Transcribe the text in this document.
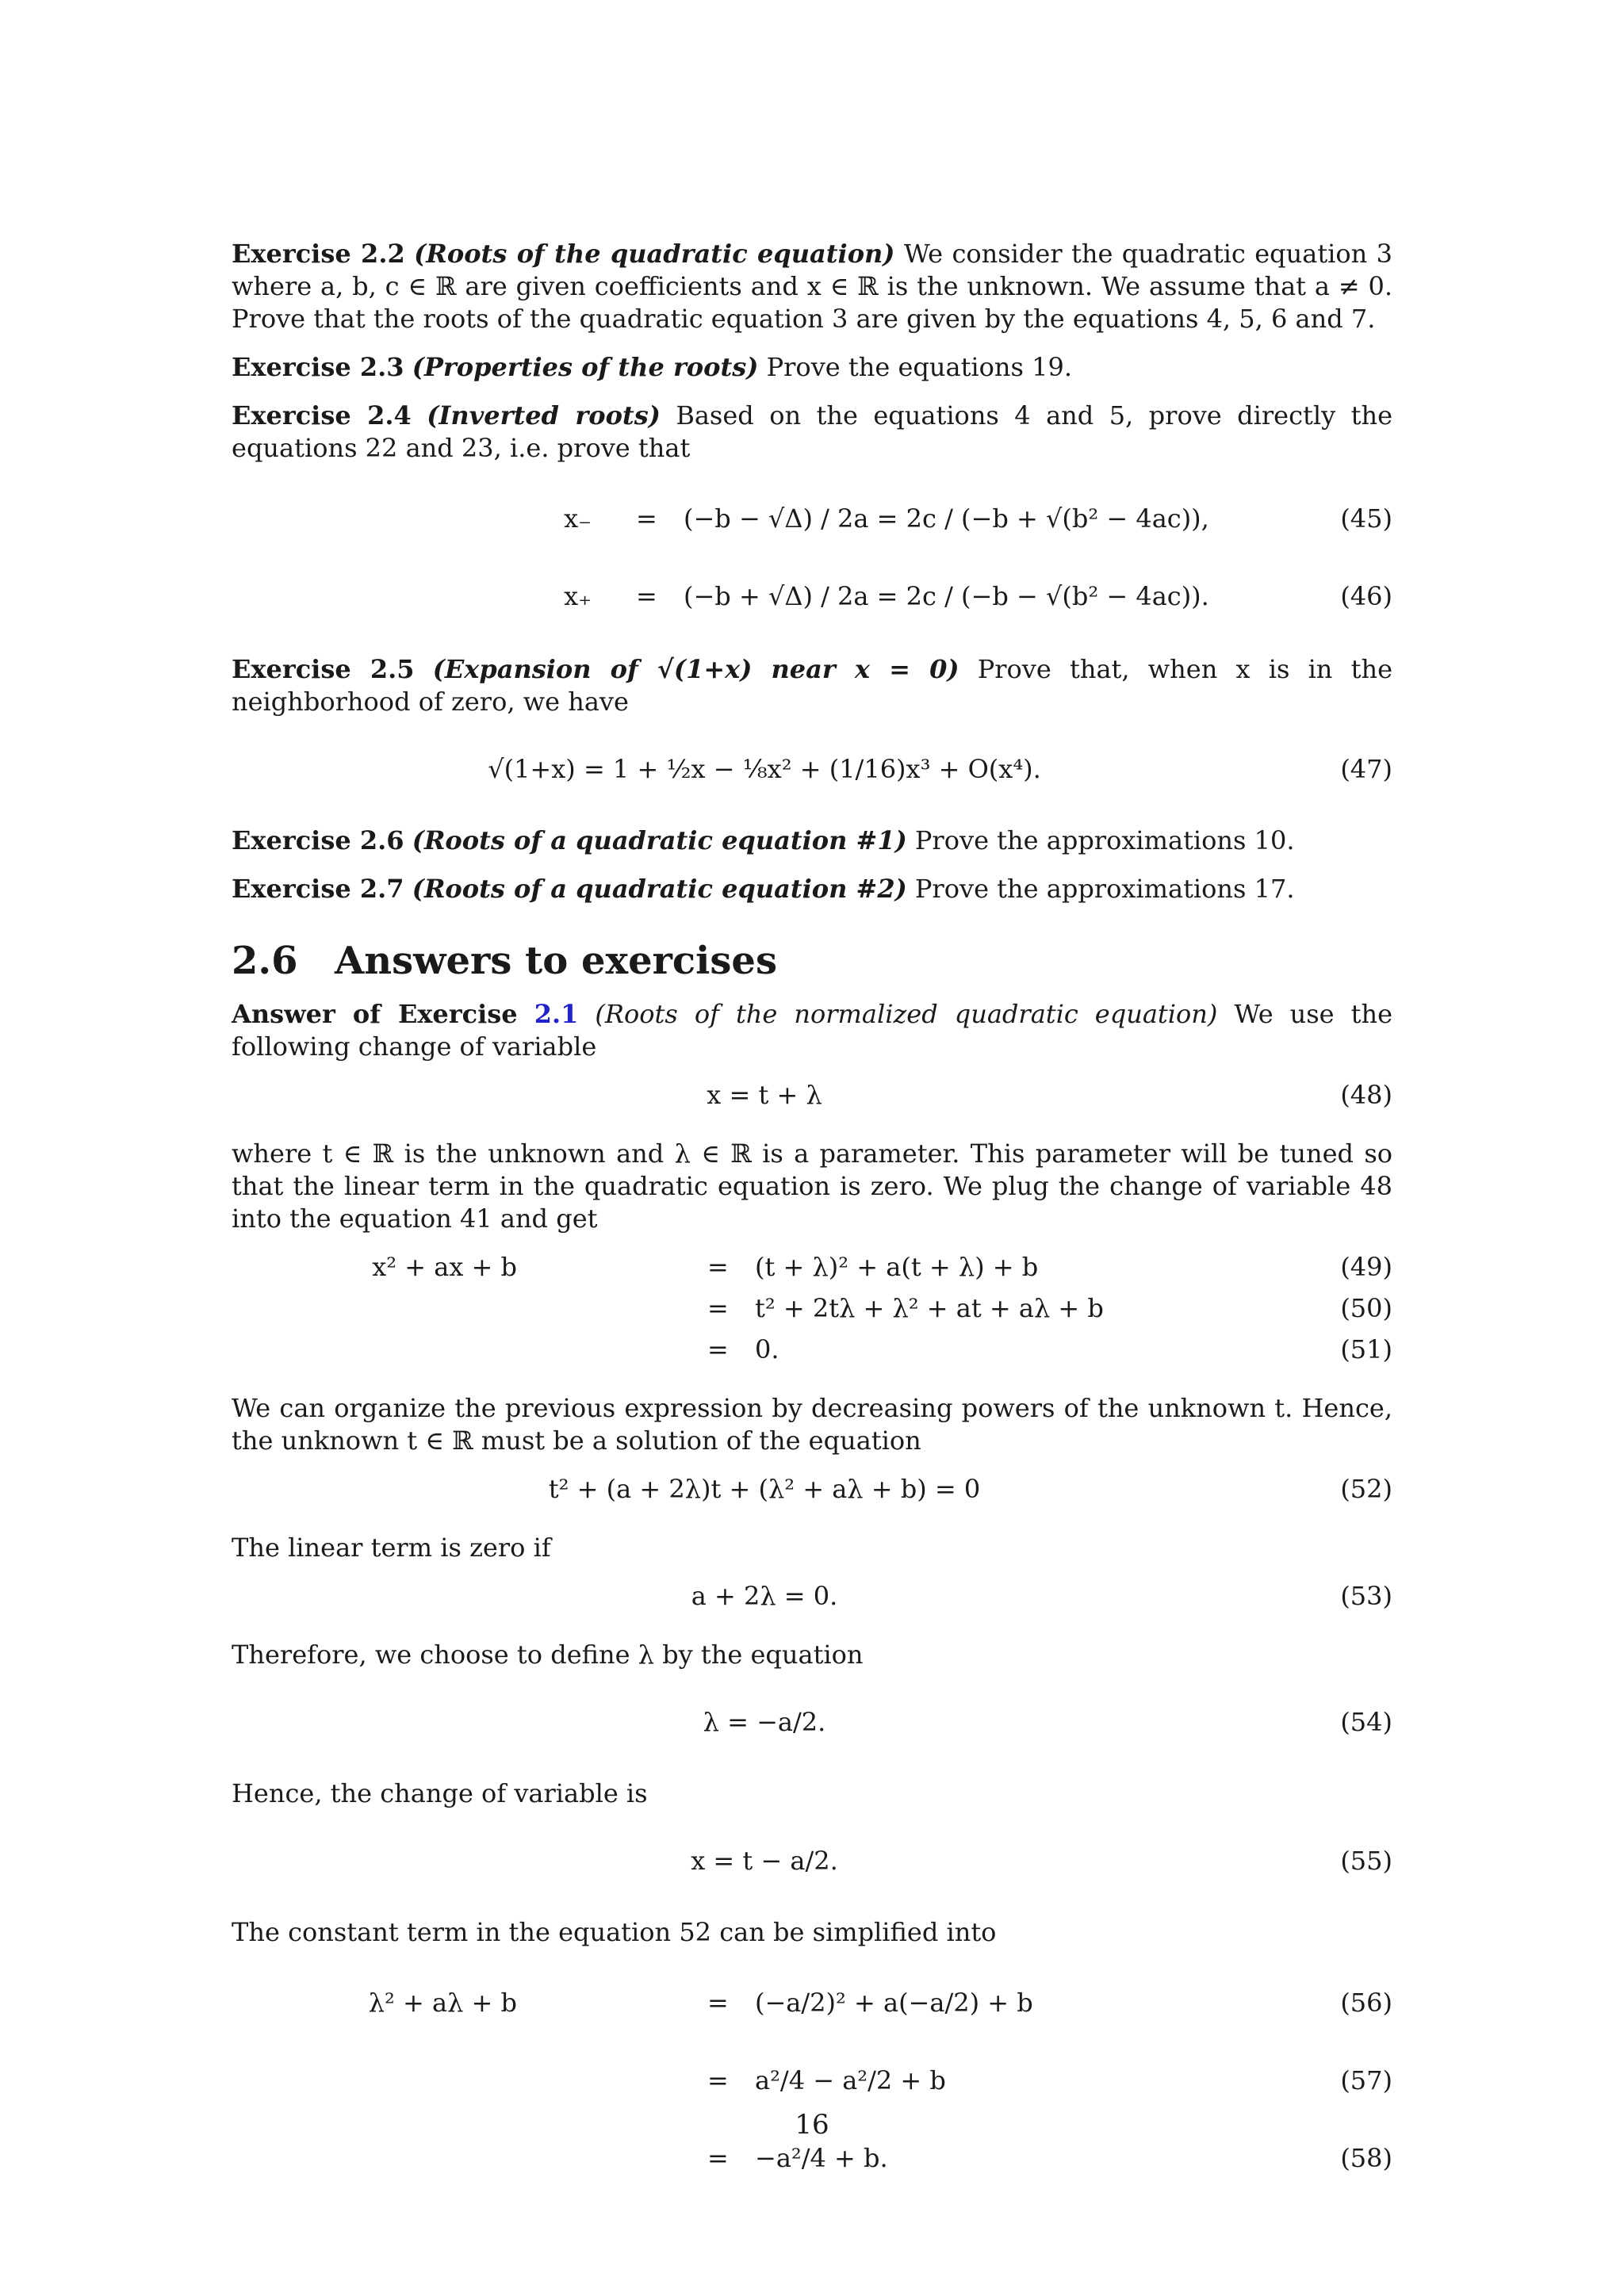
Exercise 2.2 (Roots of the quadratic equation) We consider the quadratic equation 3 where a, b, c ∈ ℝ are given coefficients and x ∈ ℝ is the unknown. We assume that a ≠ 0. Prove that the roots of the quadratic equation 3 are given by the equations 4, 5, 6 and 7.

Exercise 2.3 (Properties of the roots) Prove the equations 19.

Exercise 2.4 (Inverted roots) Based on the equations 4 and 5, prove directly the equations 22 and 23, i.e. prove that

x₋ = (−b − √Δ) / 2a = 2c / (−b + √(b² − 4ac)),	(45)
x₊ = (−b + √Δ) / 2a = 2c / (−b − √(b² − 4ac)).	(46)

Exercise 2.5 (Expansion of √(1+x) near x = 0) Prove that, when x is in the neighborhood of zero, we have

√(1+x) = 1 + ½x − ⅛x² + (1/16)x³ + O(x⁴).	(47)

Exercise 2.6 (Roots of a quadratic equation #1) Prove the approximations 10.

Exercise 2.7 (Roots of a quadratic equation #2) Prove the approximations 17.

2.6 Answers to exercises

Answer of Exercise 2.1 (Roots of the normalized quadratic equation) We use the following change of variable

x = t + λ	(48)

where t ∈ ℝ is the unknown and λ ∈ ℝ is a parameter. This parameter will be tuned so that the linear term in the quadratic equation is zero. We plug the change of variable 48 into the equation 41 and get

x² + ax + b	= (t + λ)² + a(t + λ) + b	(49)
= t² + 2tλ + λ² + at + aλ + b	(50)
= 0.	(51)

We can organize the previous expression by decreasing powers of the unknown t. Hence, the unknown t ∈ ℝ must be a solution of the equation

t² + (a + 2λ)t + (λ² + aλ + b) = 0	(52)

The linear term is zero if

a + 2λ = 0.	(53)

Therefore, we choose to define λ by the equation

λ = −a/2.	(54)

Hence, the change of variable is

x = t − a/2.	(55)

The constant term in the equation 52 can be simplified into

λ² + aλ + b	= (−a/2)² + a(−a/2) + b	(56)
= a²/4 − a²/2 + b	(57)
= −a²/4 + b.	(58)
16
